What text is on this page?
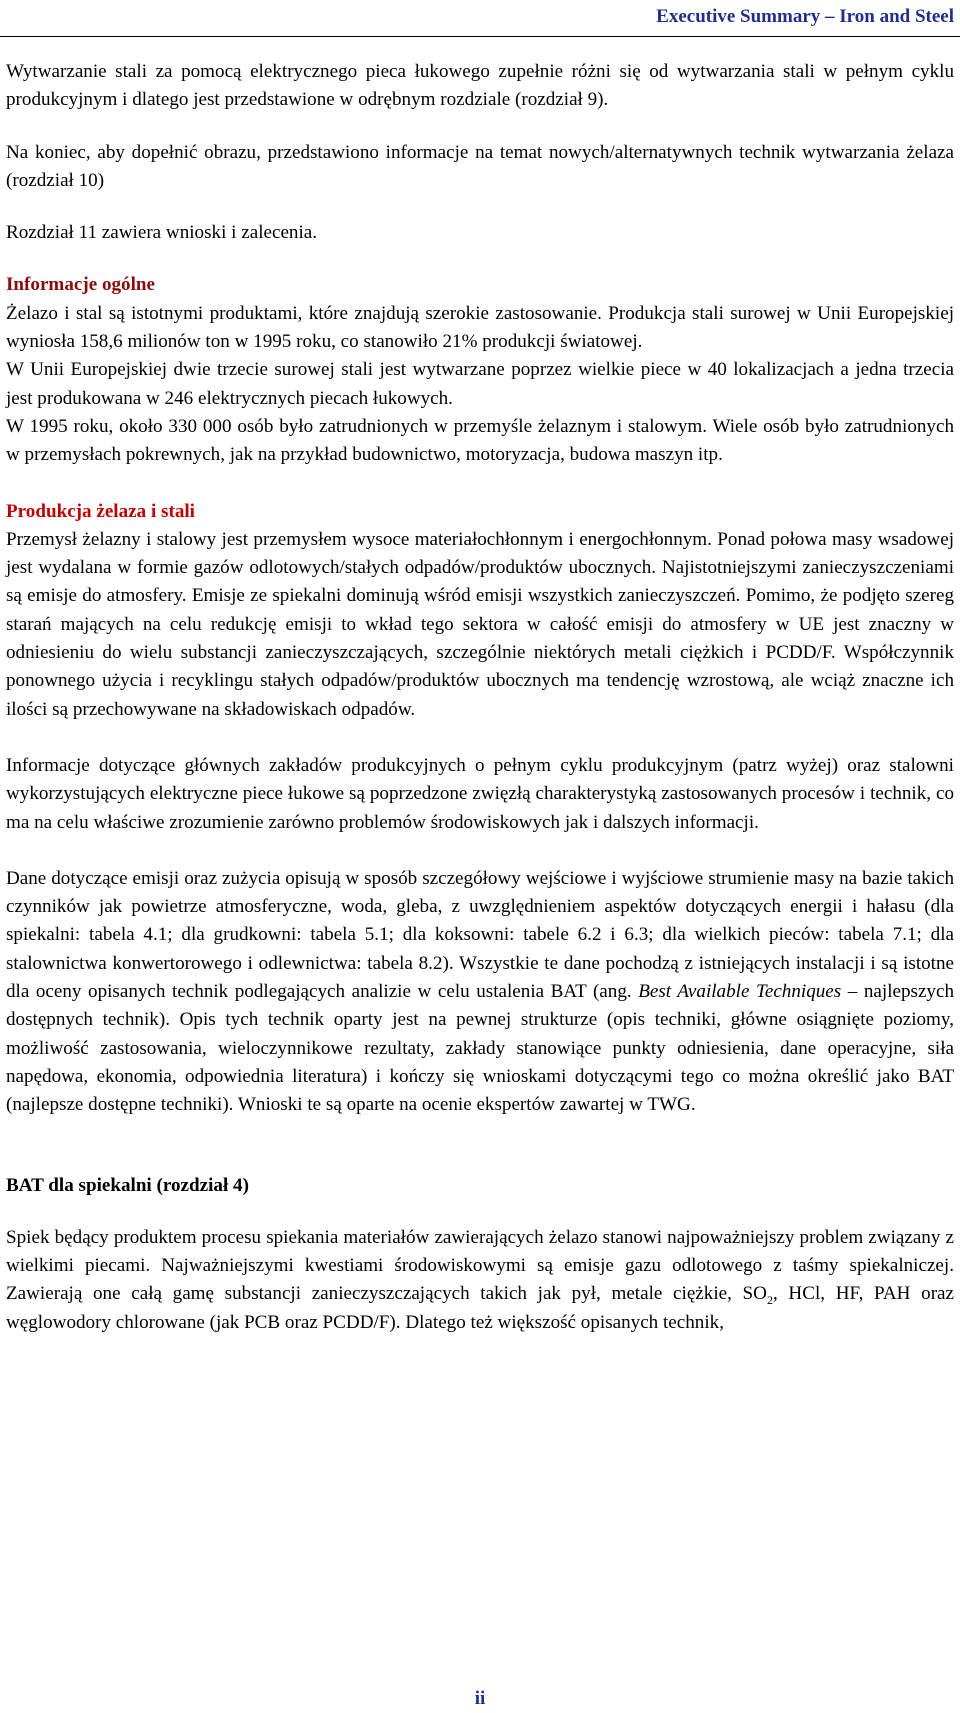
Executive Summary – Iron and Steel

Wytwarzanie stali za pomocą elektrycznego pieca łukowego zupełnie różni się od wytwarzania stali w pełnym cyklu produkcyjnym i dlatego jest przedstawione w odrębnym rozdziale (rozdział 9).

Na koniec, aby dopełnić obrazu, przedstawiono informacje na temat nowych/alternatywnych technik wytwarzania żelaza (rozdział 10)

Rozdział 11 zawiera wnioski i zalecenia.

Informacje ogólne

Żelazo i stal są istotnymi produktami, które znajdują szerokie zastosowanie. Produkcja stali surowej w Unii Europejskiej wyniosła 158,6 milionów ton w 1995 roku, co stanowiło 21% produkcji światowej.

W Unii Europejskiej dwie trzecie surowej stali jest wytwarzane poprzez wielkie piece w 40 lokalizacjach a jedna trzecia jest produkowana w 246 elektrycznych piecach łukowych.

W 1995 roku, około 330 000 osób było zatrudnionych w przemyśle żelaznym i stalowym. Wiele osób było zatrudnionych w przemysłach pokrewnych, jak na przykład budownictwo, motoryzacja, budowa maszyn itp.

Produkcja żelaza i stali

Przemysł żelazny i stalowy jest przemysłem wysoce materiałochłonnym i energochłonnym. Ponad połowa masy wsadowej jest wydalana w formie gazów odlotowych/stałych odpadów/produktów ubocznych. Najistotniejszymi zanieczyszczeniami są emisje do atmosfery. Emisje ze spiekalni dominują wśród emisji wszystkich zanieczyszczeń. Pomimo, że podjęto szereg starań mających na celu redukcję emisji to wkład tego sektora w całość emisji do atmosfery w UE jest znaczny w odniesieniu do wielu substancji zanieczyszczających, szczególnie niektórych metali ciężkich i PCDD/F. Współczynnik ponownego użycia i recyklingu stałych odpadów/produktów ubocznych ma tendencję wzrostową, ale wciąż znaczne ich ilości są przechowywane na składowiskach odpadów.

Informacje dotyczące głównych zakładów produkcyjnych o pełnym cyklu produkcyjnym (patrz wyżej) oraz stalowni wykorzystujących elektryczne piece łukowe są poprzedzone zwięzłą charakterystyką zastosowanych procesów i technik, co ma na celu właściwe zrozumienie zarówno problemów środowiskowych jak i dalszych informacji.

Dane dotyczące emisji oraz zużycia opisują w sposób szczegółowy wejściowe i wyjściowe strumienie masy na bazie takich czynników jak powietrze atmosferyczne, woda, gleba, z uwzględnieniem aspektów dotyczących energii i hałasu (dla spiekalni: tabela 4.1; dla grudkowni: tabela 5.1; dla koksowni: tabele 6.2 i 6.3; dla wielkich pieców: tabela 7.1; dla stalownictwa konwertorowego i odlewnictwa: tabela 8.2). Wszystkie te dane pochodzą z istniejących instalacji i są istotne dla oceny opisanych technik podlegających analizie w celu ustalenia BAT (ang. Best Available Techniques – najlepszych dostępnych technik). Opis tych technik oparty jest na pewnej strukturze (opis techniki, główne osiągnięte poziomy, możliwość zastosowania, wieloczynnikowe rezultaty, zakłady stanowiące punkty odniesienia, dane operacyjne, siła napędowa, ekonomia, odpowiednia literatura) i kończy się wnioskami dotyczącymi tego co można określić jako BAT (najlepsze dostępne techniki). Wnioski te są oparte na ocenie ekspertów zawartej w TWG.

BAT dla spiekalni (rozdział 4)

Spiek będący produktem procesu spiekania materiałów zawierających żelazo stanowi najpoważniejszy problem związany z wielkimi piecami. Najważniejszymi kwestiami środowiskowymi są emisje gazu odlotowego z taśmy spiekalniczej. Zawierają one całą gamę substancji zanieczyszczających takich jak pył, metale ciężkie, $SO_2$, HCl, HF, PAH oraz węglowodory chlorowane (jak PCB oraz PCDD/F). Dlatego też większość opisanych technik,

ii
